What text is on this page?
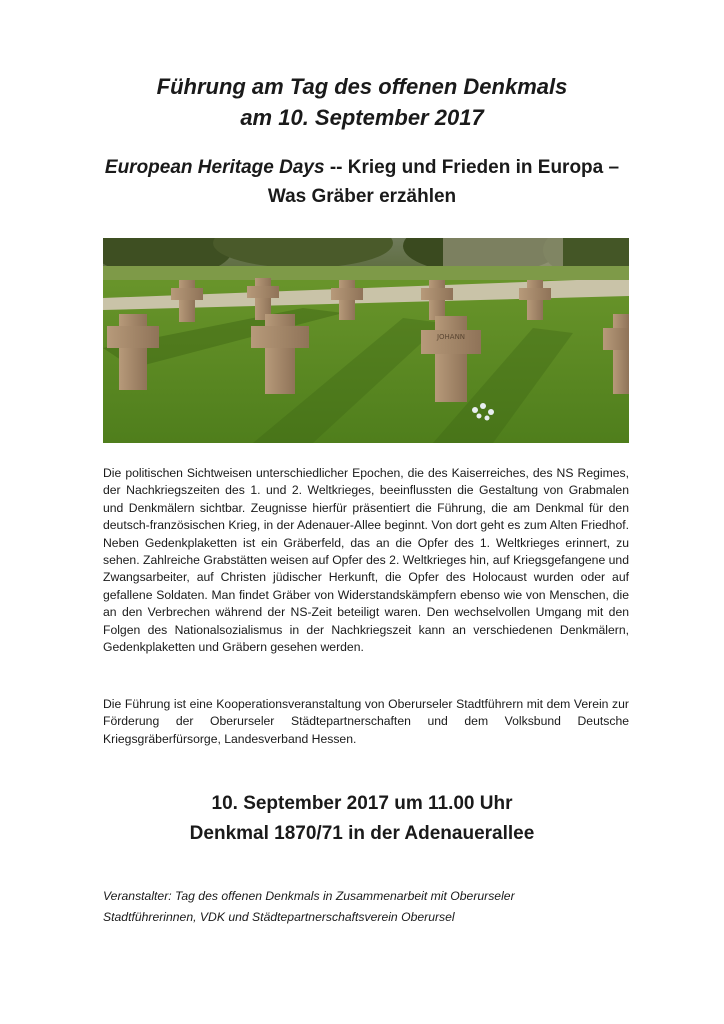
Führung am Tag des offenen Denkmals
am 10. September 2017
European Heritage Days -- Krieg und Frieden in Europa –
Was Gräber erzählen
JOHANN
Die politischen Sichtweisen unterschiedlicher Epochen, die des Kaiserreiches, des NS Regimes, der Nachkriegszeiten des 1. und 2. Weltkrieges, beeinflussten die Gestaltung von Grabmalen und Denkmälern sichtbar. Zeugnisse hierfür präsentiert die Führung, die am Denkmal für den deutsch-französischen Krieg, in der Adenauer-Allee beginnt. Von dort geht es zum Alten Friedhof. Neben Gedenkplaketten ist ein Gräberfeld, das an die Opfer des 1. Weltkrieges erinnert, zu sehen. Zahlreiche Grabstätten weisen auf Opfer des 2. Weltkrieges hin, auf Kriegsgefangene und Zwangsarbeiter, auf Christen jüdischer Herkunft, die Opfer des Holocaust wurden oder auf gefallene Soldaten. Man findet Gräber von Widerstandskämpfern ebenso wie von Menschen, die an den Verbrechen während der NS-Zeit beteiligt waren. Den wechselvollen Umgang mit den Folgen des Nationalsozialismus in der Nachkriegszeit kann an verschiedenen Denkmälern, Gedenkplaketten und Gräbern gesehen werden.
Die Führung ist eine Kooperationsveranstaltung von Oberurseler Stadtführern mit dem Verein zur Förderung der Oberurseler Städtepartnerschaften und dem Volksbund Deutsche Kriegsgräberfürsorge, Landesverband Hessen.
10. September 2017 um 11.00 Uhr
Denkmal 1870/71 in der Adenauerallee
Veranstalter: Tag des offenen Denkmals in Zusammenarbeit mit Oberurseler
Stadtführerinnen, VDK und Städtepartnerschaftsverein Oberursel
